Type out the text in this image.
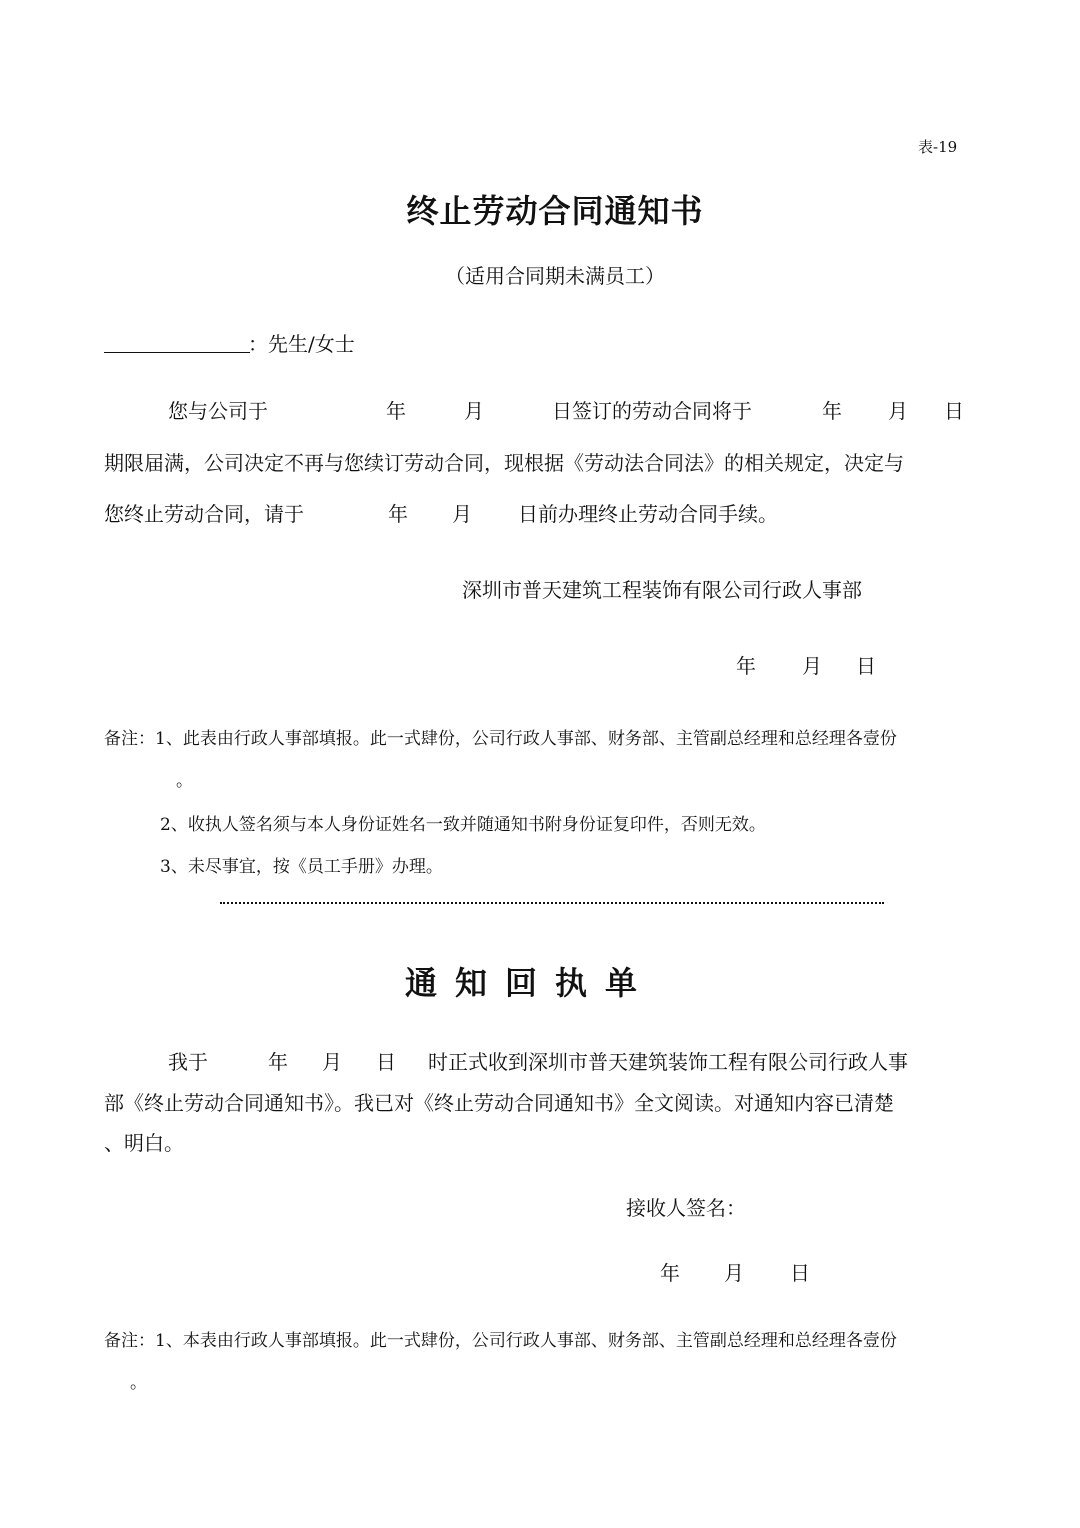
表-19
终止劳动合同通知书
（适用合同期未满员工）
：先生/女士
您与公司于	年	月	日签订的劳动合同将于	年 月 日
期限届满，公司决定不再与您续订劳动合同，现根据《劳动法合同法》的相关规定，决定与
您终止劳动合同，请于	年 月 日前办理终止劳动合同手续。
深圳市普天建筑工程装饰有限公司行政人事部
年 月 日
备注：1、此表由行政人事部填报。此一式肆份，公司行政人事部、财务部、主管副总经理和总经理各壹份
。
2、收执人签名须与本人身份证姓名一致并随通知书附身份证复印件，否则无效。
3、未尽事宜，按《员工手册》办理。
通知回执单
我于	年 月 日 时正式收到深圳市普天建筑装饰工程有限公司行政人事
部《终止劳动合同通知书》。我已对《终止劳动合同通知书》全文阅读。对通知内容已清楚
、明白。
接收人签名：
年 月 日
备注：1、本表由行政人事部填报。此一式肆份，公司行政人事部、财务部、主管副总经理和总经理各壹份
。
